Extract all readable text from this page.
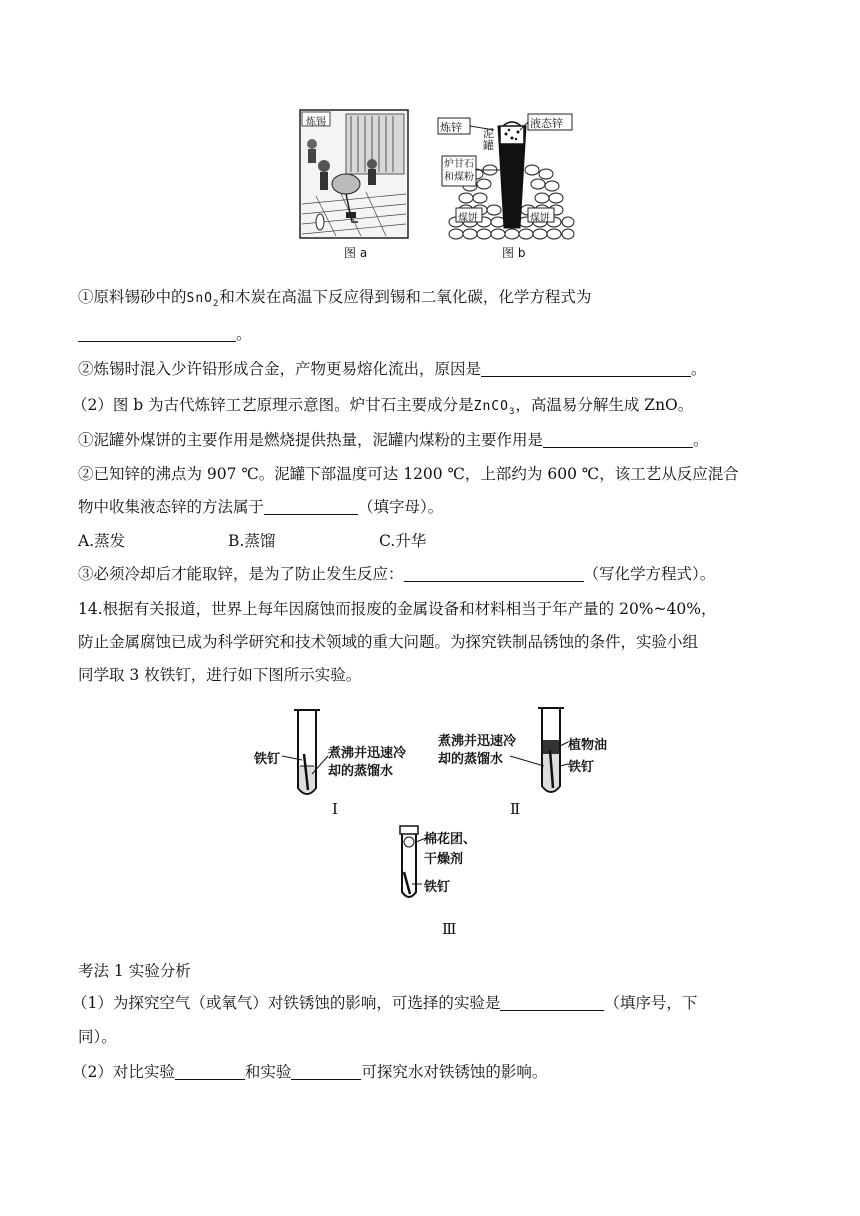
炼锡	炼锌	液态锌
泥罐
炉甘石和煤粉
煤饼	煤饼
图 a	图 b
①原料锡砂中的SnO$_2$和木炭在高温下反应得到锡和二氧化碳，化学方程式为
。
②炼锡时混入少许铅形成合金，产物更易熔化流出，原因是	。
（2）图 b 为古代炼锌工艺原理示意图。炉甘石主要成分是ZnCO$_3$，高温易分解生成 ZnO。
①泥罐外煤饼的主要作用是燃烧提供热量，泥罐内煤粉的主要作用是	。
②已知锌的沸点为 907 ℃。泥罐下部温度可达 1200 ℃，上部约为 600 ℃，该工艺从反应混合
物中收集液态锌的方法属于	（填字母）。
A.蒸发	B.蒸馏	C.升华
③必须冷却后才能取锌，是为了防止发生反应：	（写化学方程式）。
14.根据有关报道，世界上每年因腐蚀而报废的金属设备和材料相当于年产量的 20%~40%，
防止金属腐蚀已成为科学研究和技术领域的重大问题。为探究铁制品锈蚀的条件，实验小组
同学取 3 枚铁钉，进行如下图所示实验。
铁钉	煮沸并迅速冷
却的蒸馏水
Ⅰ
煮沸并迅速冷
却的蒸馏水
植物油
铁钉
Ⅱ
棉花团、
干燥剂
铁钉
Ⅲ
考法 1 实验分析
（1）为探究空气（或氧气）对铁锈蚀的影响，可选择的实验是	（填序号，下
同）。
（2）对比实验	和实验	可探究水对铁锈蚀的影响。
